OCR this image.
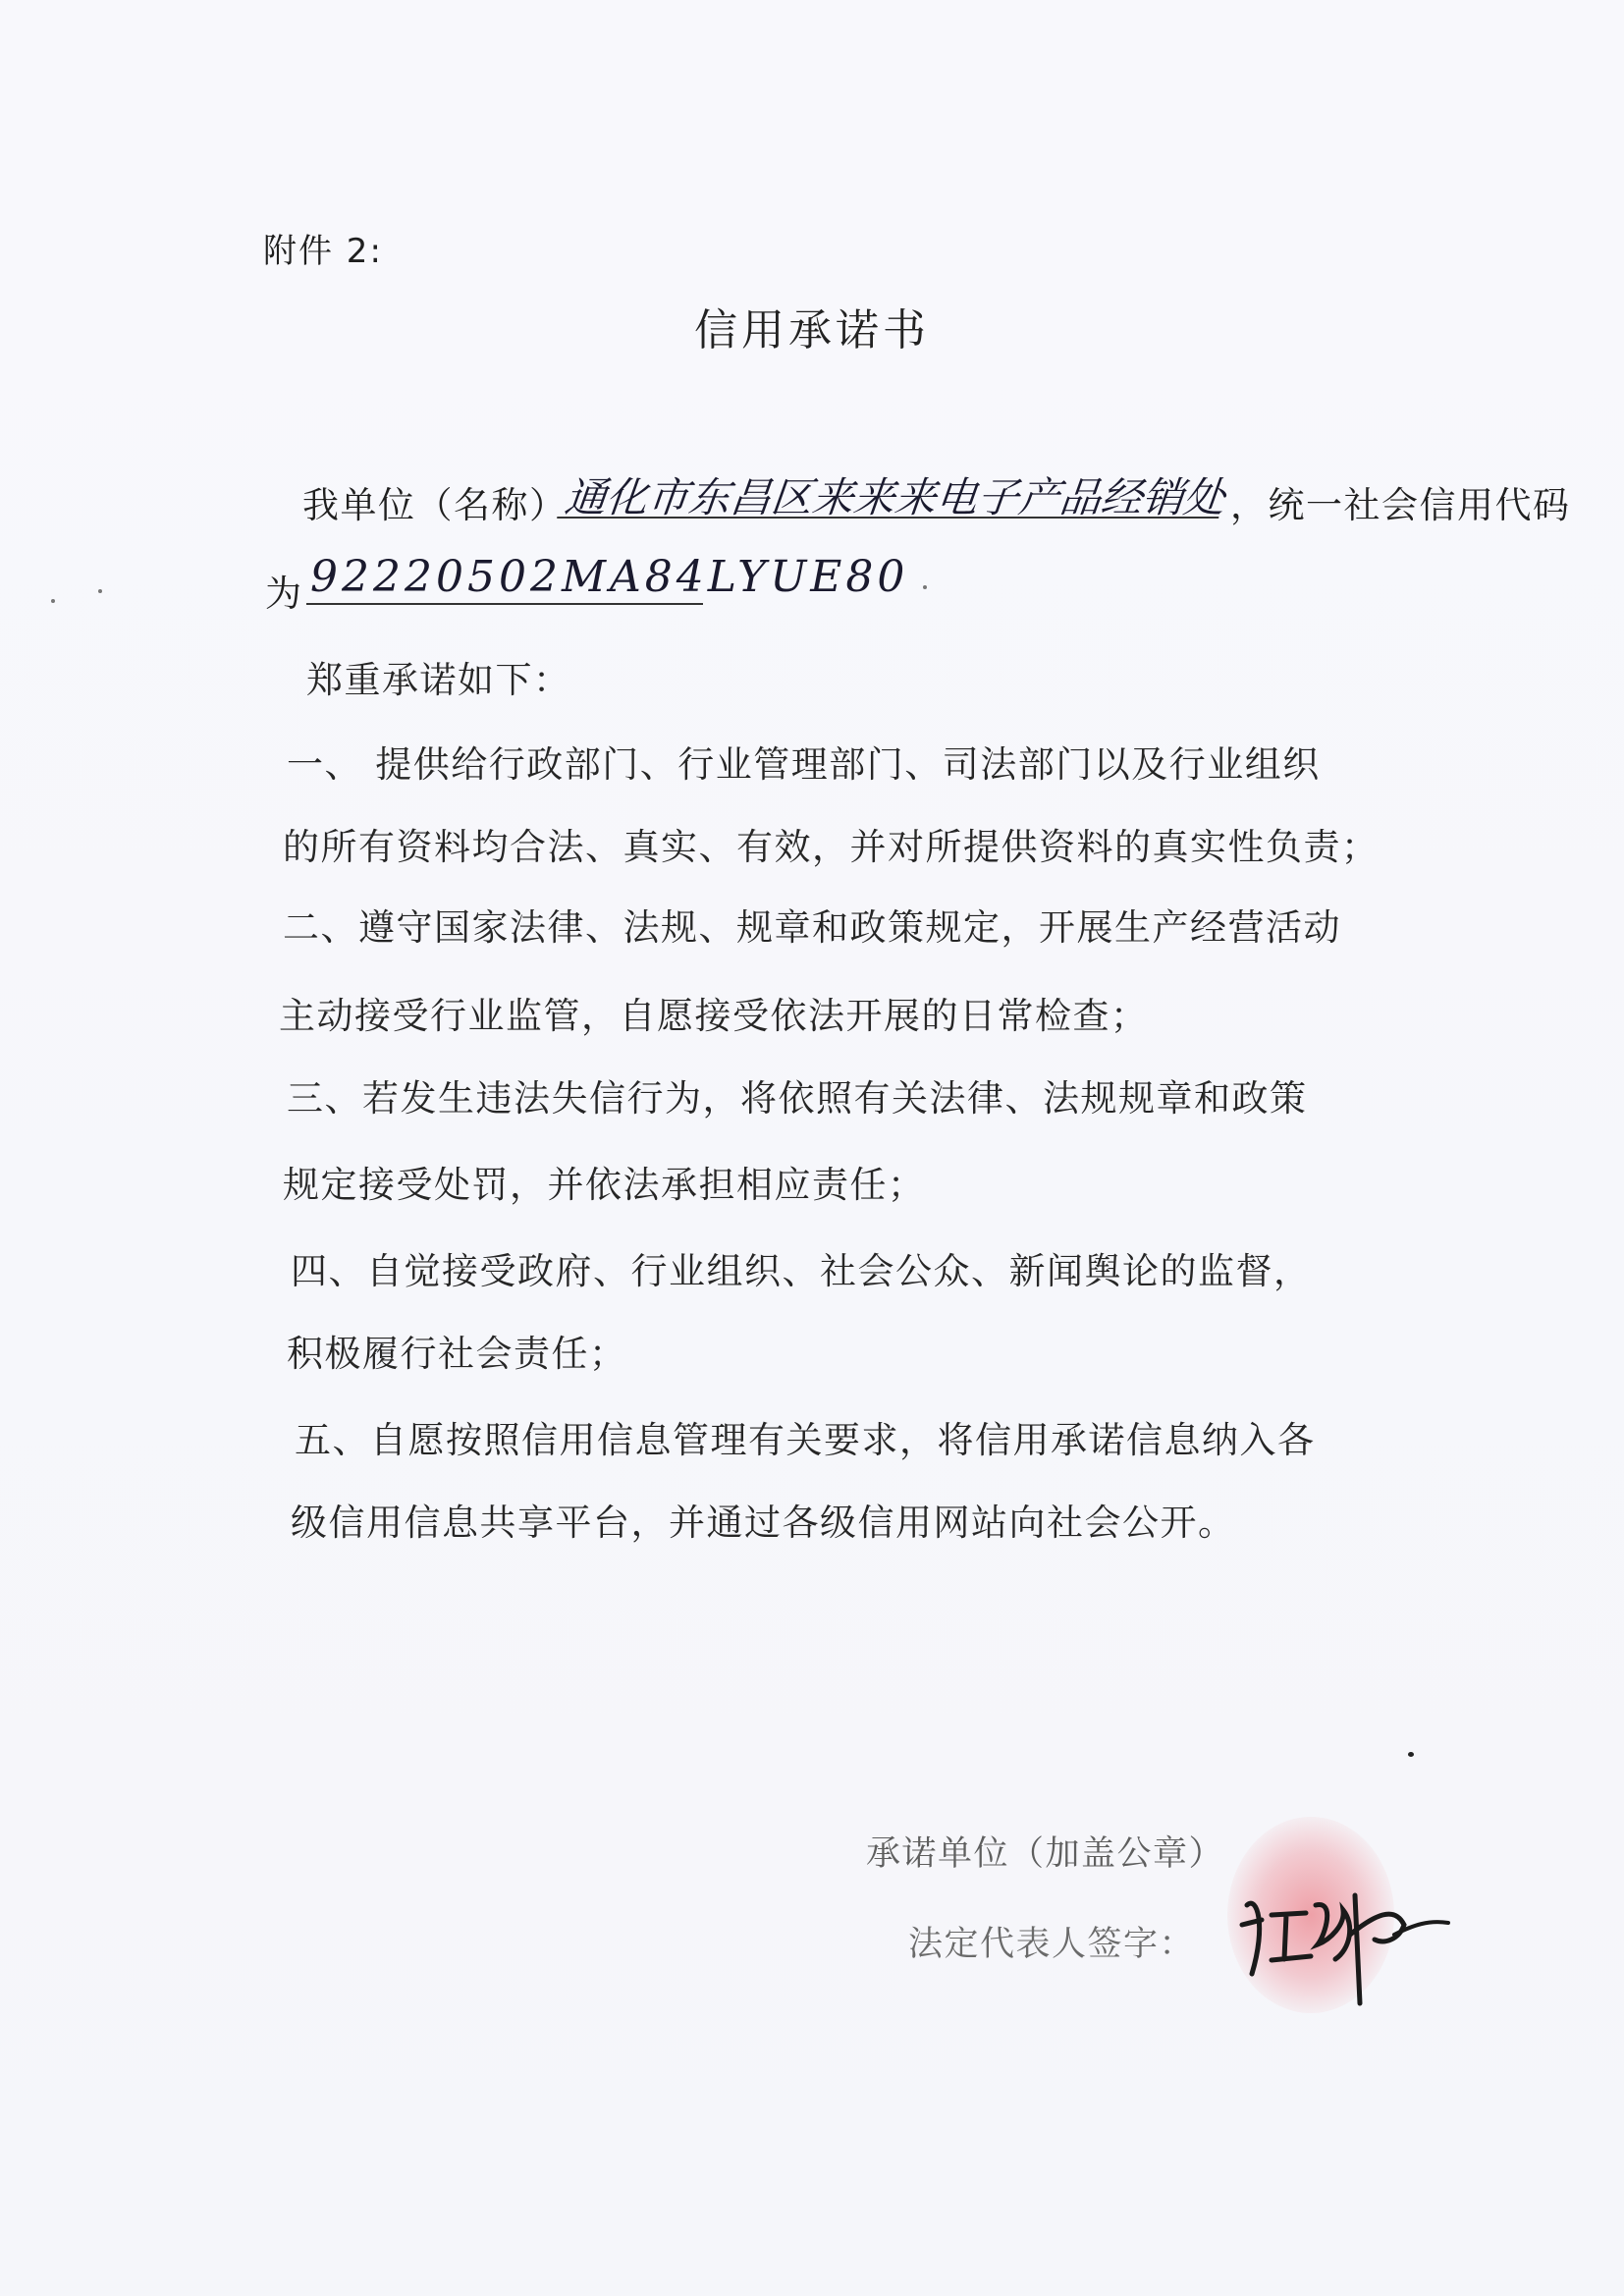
附件 2:
信用承诺书
我单位（名称）
通化市东昌区来来来电子产品经销处 ，统一社会信用代码
为 92220502MA84LYUE80
郑重承诺如下：
一、 提供给行政部门、行业管理部门、司法部门以及行业组织
的所有资料均合法、真实、有效，并对所提供资料的真实性负责；
二、遵守国家法律、法规、规章和政策规定，开展生产经营活动
主动接受行业监管，自愿接受依法开展的日常检查；
三、若发生违法失信行为，将依照有关法律、法规规章和政策
规定接受处罚，并依法承担相应责任；
四、自觉接受政府、行业组织、社会公众、新闻舆论的监督，
积极履行社会责任；
五、自愿按照信用信息管理有关要求，将信用承诺信息纳入各
级信用信息共享平台，并通过各级信用网站向社会公开。
承诺单位（加盖公章）
法定代表人签字：
